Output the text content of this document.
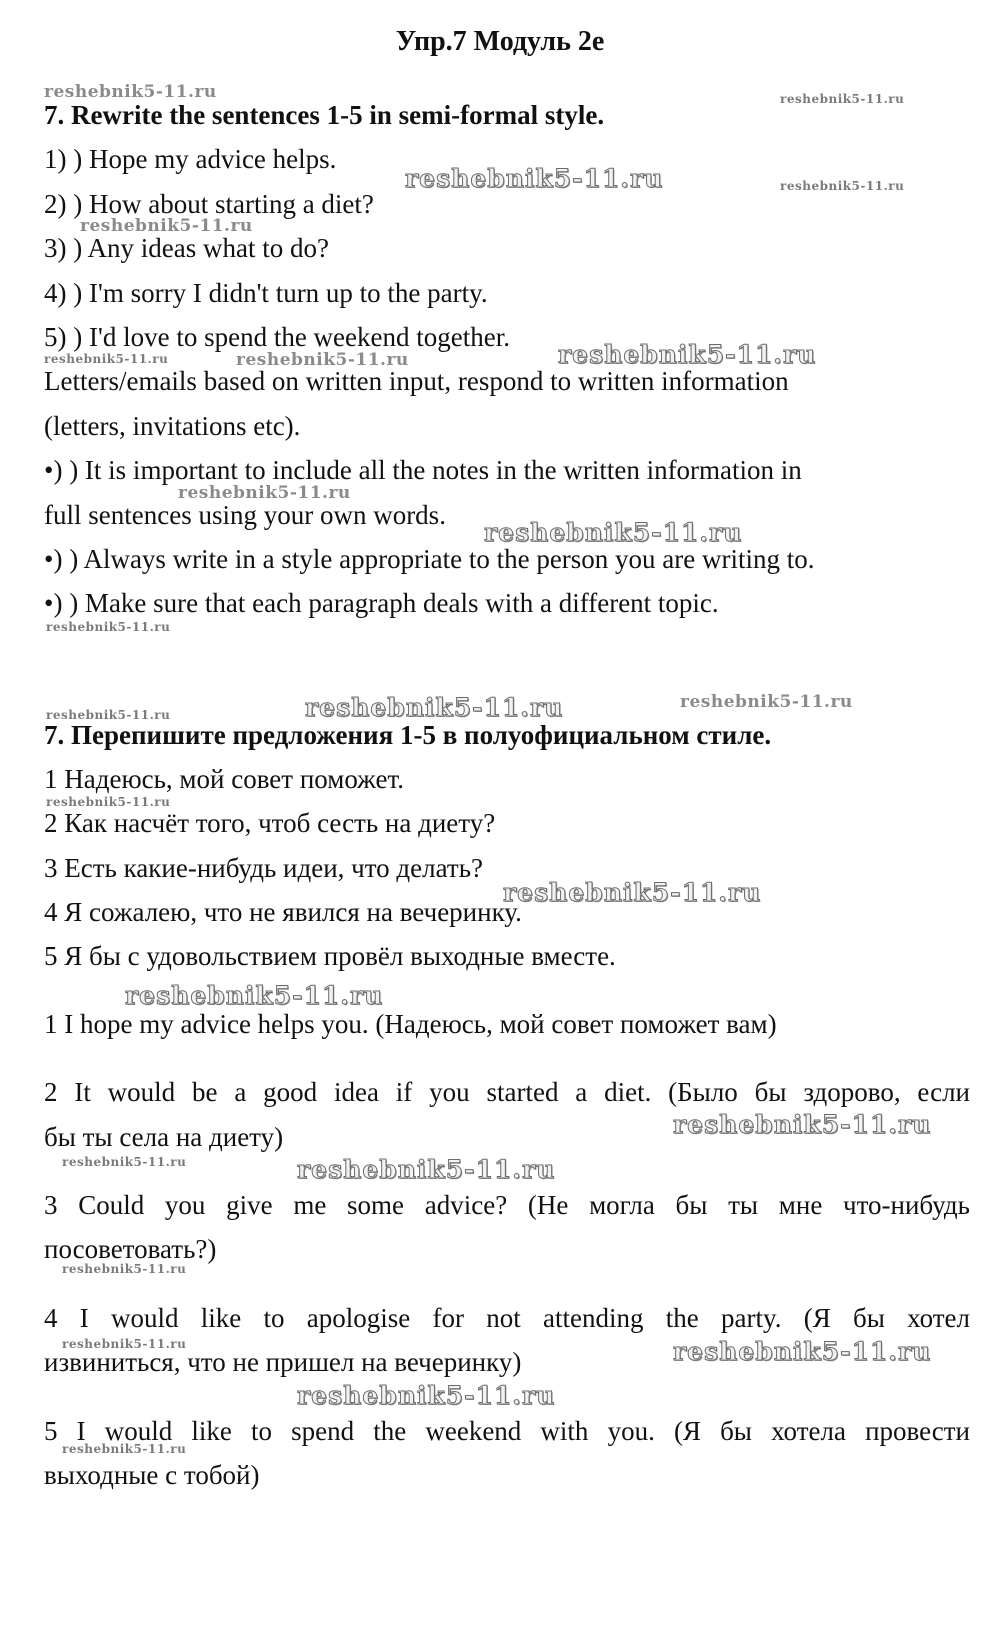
Упр.7 Модуль 2е
7. Rewrite the sentences 1-5 in semi-formal style.
1) ) Hope my advice helps.
2) ) How about starting a diet?
3) ) Any ideas what to do?
4) ) I'm sorry I didn't turn up to the party.
5) ) I'd love to spend the weekend together.
Letters/emails based on written input, respond to written information
(letters, invitations etc).
•) ) It is important to include all the notes in the written information in
full sentences using your own words.
•) ) Always write in a style appropriate to the person you are writing to.
•) ) Make sure that each paragraph deals with a different topic.
7. Перепишите предложения 1-5 в полуофициальном стиле.
1 Надеюсь, мой совет поможет.
2 Как насчёт того, чтоб сесть на диету?
3 Есть какие-нибудь идеи, что делать?
4 Я сожалею, что не явился на вечеринку.
5 Я бы с удовольствием провёл выходные вместе.
1 I hope my advice helps you. (Надеюсь, мой совет поможет вам)
2 It would be a good idea if you started a diet. (Было бы здорово, если
бы ты села на диету)
3 Could you give me some advice? (Не могла бы ты мне что-нибудь
посоветовать?)
4 I would like to apologise for not attending the party. (Я бы хотел
извиниться, что не пришел на вечеринку)
5 I would like to spend the weekend with you. (Я бы хотела провести
выходные с тобой)
reshebnik5-11.ru	reshebnik5-11.ru
reshebnik5-11.ru	reshebnik5-11.ru
reshebnik5-11.ru
reshebnik5-11.ru
reshebnik5-11.ru	reshebnik5-11.ru
reshebnik5-11.ru
reshebnik5-11.ru
reshebnik5-11.ru
reshebnik5-11.ru
reshebnik5-11.ru
reshebnik5-11.ru
reshebnik5-11.ru
reshebnik5-11.ru
reshebnik5-11.ru
reshebnik5-11.ru
reshebnik5-11.ru	reshebnik5-11.ru
reshebnik5-11.ru
reshebnik5-11.ru	reshebnik5-11.ru
reshebnik5-11.ru
reshebnik5-11.ru
